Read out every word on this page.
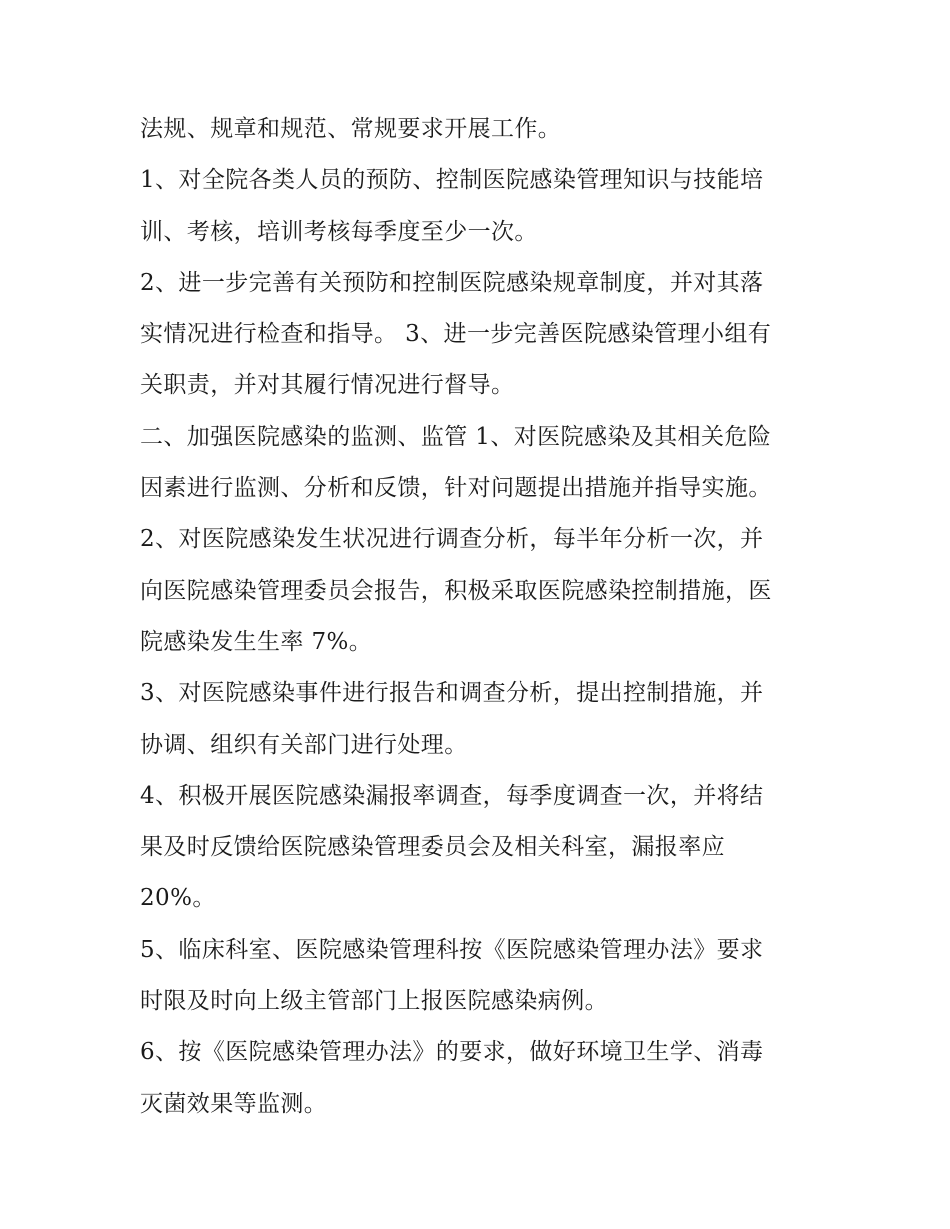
法规、规章和规范、常规要求开展工作。
1、对全院各类人员的预防、控制医院感染管理知识与技能培
训、考核，培训考核每季度至少一次。
2、进一步完善有关预防和控制医院感染规章制度，并对其落
实情况进行检查和指导。 3、进一步完善医院感染管理小组有
关职责，并对其履行情况进行督导。
二、加强医院感染的监测、监管 1、对医院感染及其相关危险
因素进行监测、分析和反馈，针对问题提出措施并指导实施。
2、对医院感染发生状况进行调查分析，每半年分析一次，并
向医院感染管理委员会报告，积极采取医院感染控制措施，医
院感染发生生率 7%。
3、对医院感染事件进行报告和调查分析，提出控制措施，并
协调、组织有关部门进行处理。
4、积极开展医院感染漏报率调查，每季度调查一次，并将结
果及时反馈给医院感染管理委员会及相关科室，漏报率应
20%。
5、临床科室、医院感染管理科按《医院感染管理办法》要求
时限及时向上级主管部门上报医院感染病例。
6、按《医院感染管理办法》的要求，做好环境卫生学、消毒
灭菌效果等监测。
